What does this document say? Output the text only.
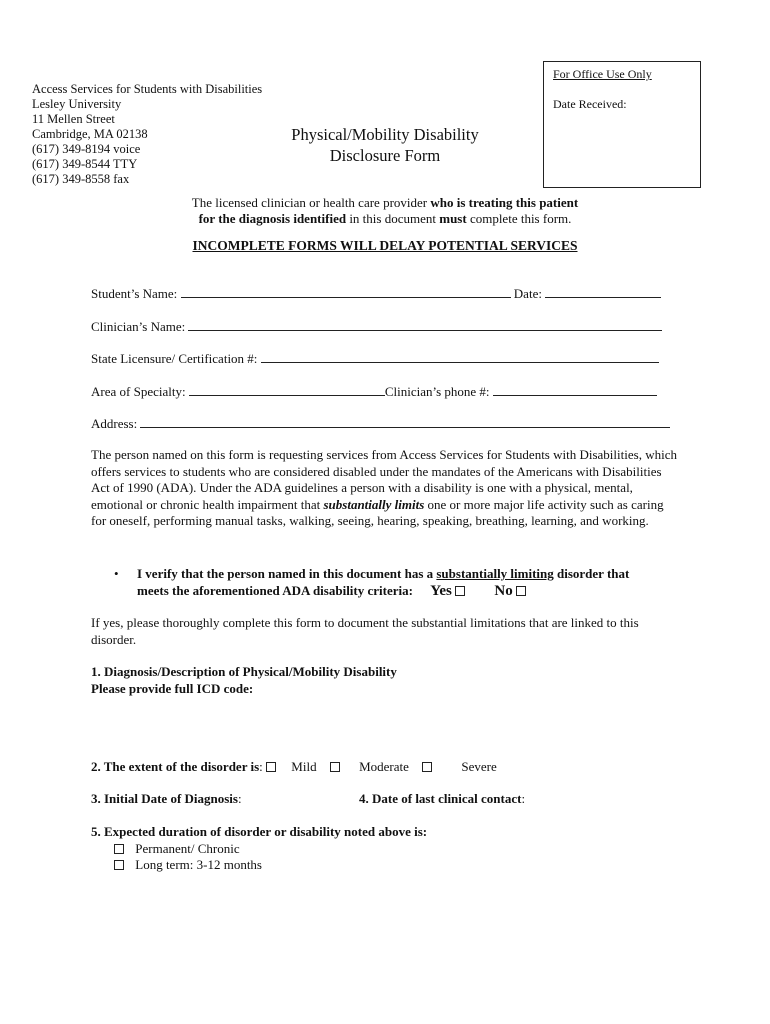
Access Services for Students with Disabilities
Lesley University
11 Mellen Street
Cambridge, MA 02138
(617) 349-8194 voice
(617) 349-8544 TTY
(617) 349-8558 fax
For Office Use Only
Date Received:
Physical/Mobility Disability
Disclosure Form
The licensed clinician or health care provider who is treating this patient
for the diagnosis identified in this document must complete this form.
INCOMPLETE FORMS WILL DELAY POTENTIAL SERVICES
Student’s Name:	Date:
Clinician’s Name:
State Licensure/ Certification #:
Area of Specialty:	Clinician’s phone #:
Address:
The person named on this form is requesting services from Access Services for Students with Disabilities, which offers services to students who are considered disabled under the mandates of the Americans with Disabilities Act of 1990 (ADA). Under the ADA guidelines a person with a disability is one with a physical, mental, emotional or chronic health impairment that substantially limits one or more major life activity such as caring for oneself, performing manual tasks, walking, seeing, hearing, speaking, breathing, learning, and working.
• I verify that the person named in this document has a substantially limiting disorder that
meets the aforementioned ADA disability criteria: Yes	No
If yes, please thoroughly complete this form to document the substantial limitations that are linked to this disorder.
1. Diagnosis/Description of Physical/Mobility Disability
Please provide full ICD code:
2. The extent of the disorder is: Mild	Moderate	Severe
3. Initial Date of Diagnosis:	4. Date of last clinical contact:
5. Expected duration of disorder or disability noted above is:
Permanent/ Chronic
Long term: 3-12 months
